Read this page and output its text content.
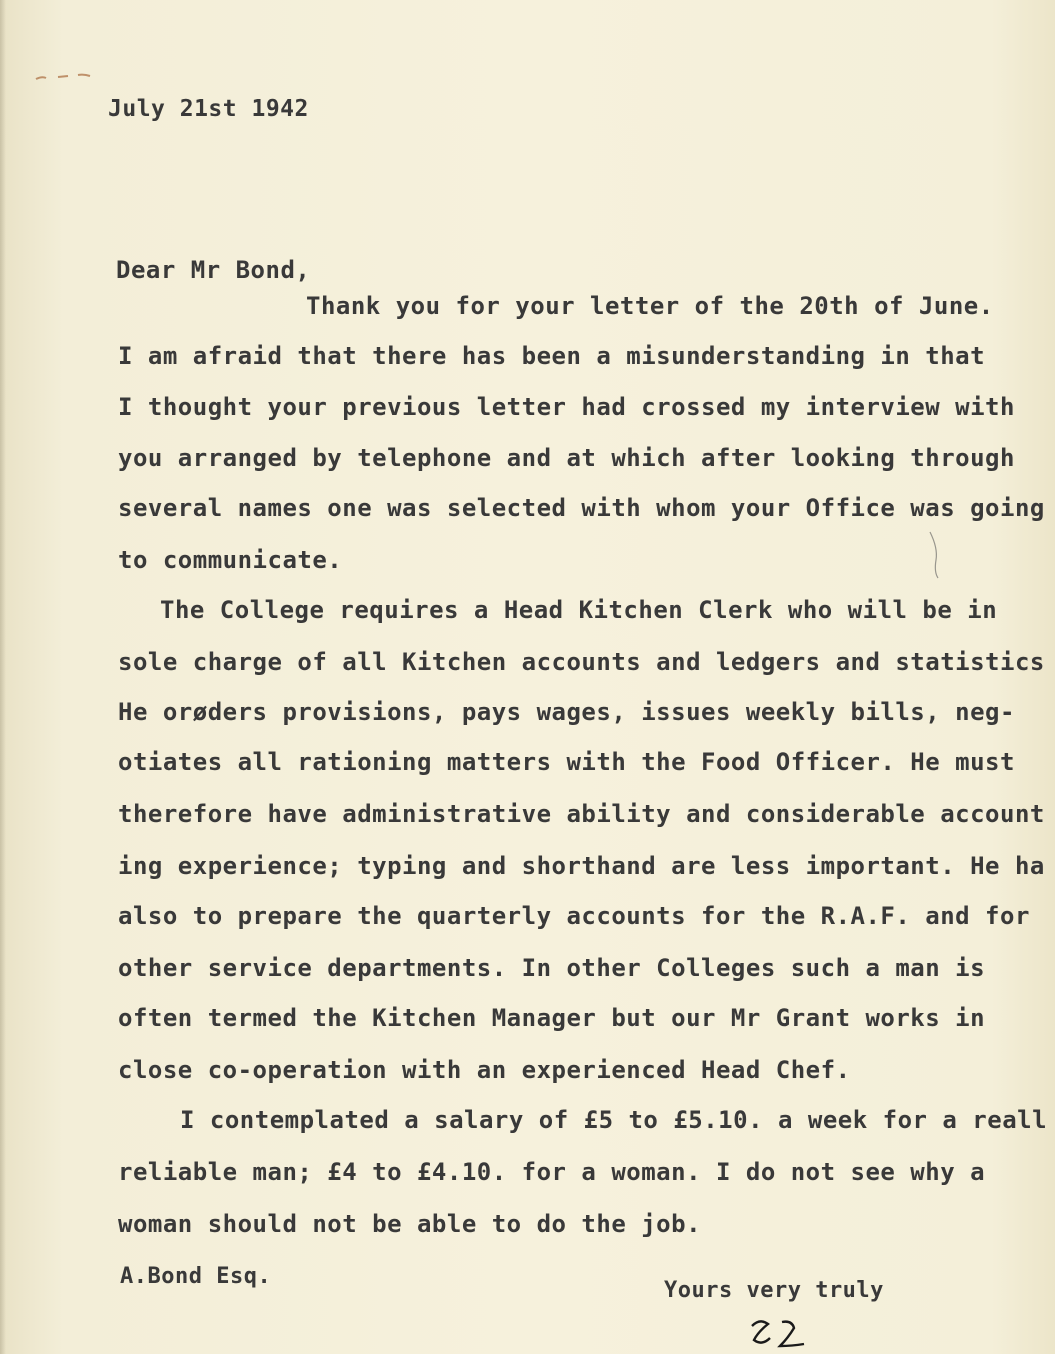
July 21st 1942
Dear Mr Bond,
Thank you for your letter of the 20th of June.
I am afraid that there has been a misunderstanding in that
I thought your previous letter had crossed my interview with
you arranged by telephone and at which after looking through
several names one was selected with whom your Office was going
to communicate.
The College requires a Head Kitchen Clerk who will be in
sole charge of all Kitchen accounts and ledgers and statistics
He orøders provisions, pays wages, issues weekly bills, neg-
otiates all rationing matters with the Food Officer. He must
therefore have administrative ability and considerable account
ing experience; typing and shorthand are less important. He ha
also to prepare the quarterly accounts for the R.A.F. and for
other service departments. In other Colleges such a man is
often termed the Kitchen Manager but our Mr Grant works in
close co-operation with an experienced Head Chef.
I contemplated a salary of £5 to £5.10. a week for a reall
reliable man; £4 to £4.10. for a woman. I do not see why a
woman should not be able to do the job.
A.Bond Esq.
Yours very truly
